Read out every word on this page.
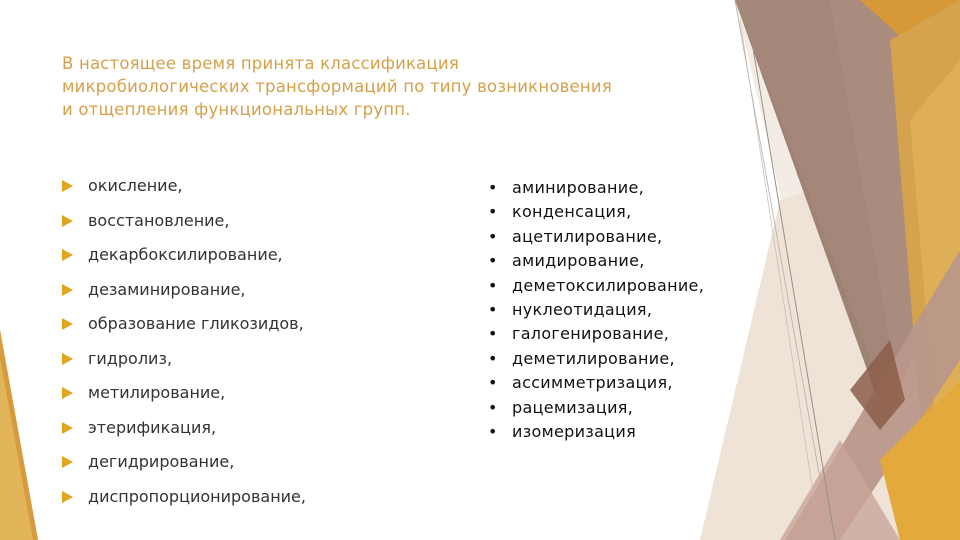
В настоящее время принята классификация
микробиологических трансформаций по типу возникновения
и отщепления функциональных групп.
окисление,
восстановление,
декарбоксилирование,
дезаминирование,
образование гликозидов,
гидролиз,
метилирование,
этерификация,
дегидрирование,
диспропорционирование,
• аминирование,
• конденсация,
• ацетилирование,
• амидирование,
• деметоксилирование,
• нуклеотидация,
• галогенирование,
• деметилирование,
• ассимметризация,
• рацемизация,
• изомеризация
